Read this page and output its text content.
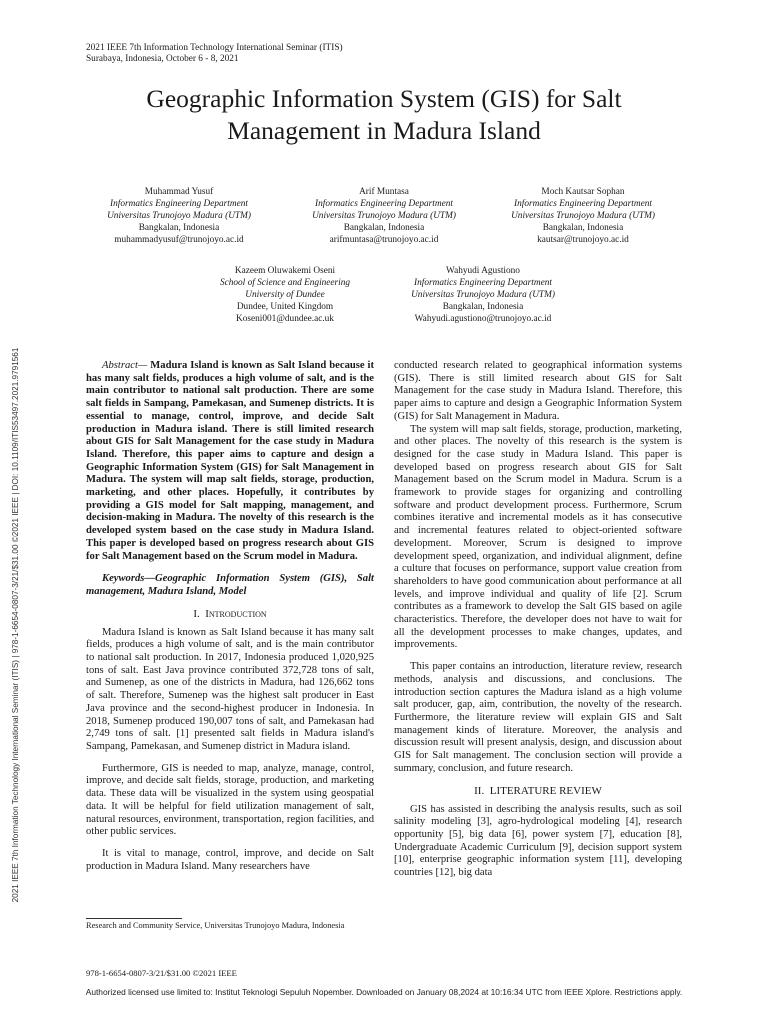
2021 IEEE 7th Information Technology International Seminar (ITIS)
Surabaya, Indonesia, October 6 - 8, 2021
Geographic Information System (GIS) for Salt
Management in Madura Island
Muhammad Yusuf
Informatics Engineering Department
Universitas Trunojoyo Madura (UTM)
Bangkalan, Indonesia
muhammadyusuf@trunojoyo.ac.id
Arif Muntasa
Informatics Engineering Department
Universitas Trunojoyo Madura (UTM)
Bangkalan, Indonesia
arifmuntasa@trunojoyo.ac.id
Moch Kautsar Sophan
Informatics Engineering Department
Universitas Trunojoyo Madura (UTM)
Bangkalan, Indonesia
kautsar@trunojoyo.ac.id
Kazeem Oluwakemi Oseni
School of Science and Engineering
University of Dundee
Dundee, United Kingdom
Koseni001@dundee.ac.uk
Wahyudi Agustiono
Informatics Engineering Department
Universitas Trunojoyo Madura (UTM)
Bangkalan, Indonesia
Wahyudi.agustiono@trunojoyo.ac.id
2021 IEEE 7th Information Technology International Seminar (ITIS) | 978-1-6654-0807-3/21/$31.00 ©2021 IEEE | DOI: 10.1109/ITIS53497.2021.9791561	Abstract— Madura Island is known as Salt Island because it has many salt fields, produces a high volume of salt, and is the main contributor to national salt production. There are some salt fields in Sampang, Pamekasan, and Sumenep districts. It is essential to manage, control, improve, and decide Salt production in Madura island. There is still limited research about GIS for Salt Management for the case study in Madura Island. Therefore, this paper aims to capture and design a Geographic Information System (GIS) for Salt Management in Madura. The system will map salt fields, storage, production, marketing, and other places. Hopefully, it contributes by providing a GIS model for Salt mapping, management, and decision-making in Madura. The novelty of this research is the developed system based on the case study in Madura Island. This paper is developed based on progress research about GIS for Salt Management based on the Scrum model in Madura.

Keywords—Geographic Information System (GIS), Salt management, Madura Island, Model

I. Introduction

Madura Island is known as Salt Island because it has many salt fields, produces a high volume of salt, and is the main contributor to national salt production. In 2017, Indonesia produced 1,020,925 tons of salt. East Java province contributed 372,728 tons of salt, and Sumenep, as one of the districts in Madura, had 126,662 tons of salt. Therefore, Sumenep was the highest salt producer in East Java province and the second-highest producer in Indonesia. In 2018, Sumenep produced 190,007 tons of salt, and Pamekasan had 2,749 tons of salt. [1] presented salt fields in Madura island's Sampang, Pamekasan, and Sumenep district in Madura island.

Furthermore, GIS is needed to map, analyze, manage, control, improve, and decide salt fields, storage, production, and marketing data. These data will be visualized in the system using geospatial data. It will be helpful for field utilization management of salt, natural resources, environment, transportation, region facilities, and other public services.

It is vital to manage, control, improve, and decide on Salt production in Madura Island. Many researchers have

Research and Community Service, Universitas Trunojoyo Madura, Indonesia

conducted research related to geographical information systems (GIS). There is still limited research about GIS for Salt Management for the case study in Madura Island. Therefore, this paper aims to capture and design a Geographic Information System (GIS) for Salt Management in Madura.

The system will map salt fields, storage, production, marketing, and other places. The novelty of this research is the system is designed for the case study in Madura Island. This paper is developed based on progress research about GIS for Salt Management based on the Scrum model in Madura. Scrum is a framework to provide stages for organizing and controlling software and product development process. Furthermore, Scrum combines iterative and incremental models as it has consecutive and incremental features related to object-oriented software development. Moreover, Scrum is designed to improve development speed, organization, and individual alignment, define a culture that focuses on performance, support value creation from shareholders to have good communication about performance at all levels, and improve individual and quality of life [2]. Scrum contributes as a framework to develop the Salt GIS based on agile characteristics. Therefore, the developer does not have to wait for all the development processes to make changes, updates, and improvements.

This paper contains an introduction, literature review, research methods, analysis and discussions, and conclusions. The introduction section captures the Madura island as a high volume salt producer, gap, aim, contribution, the novelty of the research. Furthermore, the literature review will explain GIS and Salt management kinds of literature. Moreover, the analysis and discussion result will present analysis, design, and discussion about GIS for Salt management. The conclusion section will provide a summary, conclusion, and future research.

II. LITERATURE REVIEW

GIS has assisted in describing the analysis results, such as soil salinity modeling [3], agro-hydrological modeling [4], research opportunity [5], big data [6], power system [7], education [8], Undergraduate Academic Curriculum [9], decision support system [10], enterprise geographic information system [11], developing countries [12], big data

978-1-6654-0807-3/21/$31.00 ©2021 IEEE
Authorized licensed use limited to: Institut Teknologi Sepuluh Nopember. Downloaded on January 08,2024 at 10:16:34 UTC from IEEE Xplore. Restrictions apply.
